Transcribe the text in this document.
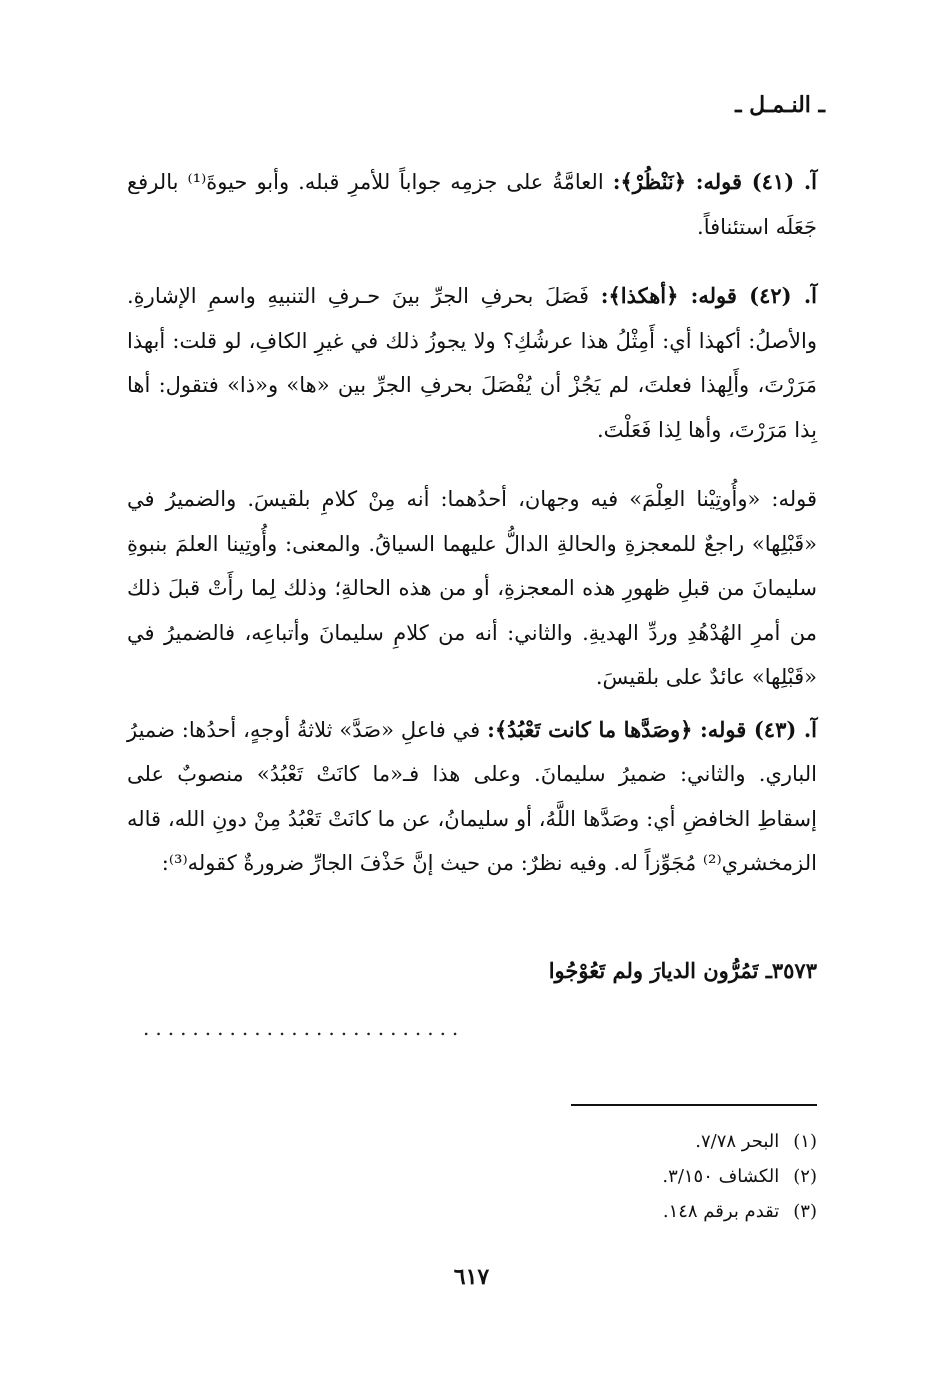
ـ النـمـل ـ

آ. (٤١) قوله: ﴿نَنْظُرْ﴾: العامَّةُ على جزمِه جواباً للأمرِ قبله. وأبو حيوةَ⁽¹⁾ بالرفع جَعَلَه استئنافاً.

آ. (٤٢) قوله: ﴿أهكذا﴾: فَصَلَ بحرفِ الجرِّ بينَ حـرفِ التنبيهِ واسمِ الإشارةِ. والأصلُ: أكهذا أي: أَمِثْلُ هذا عرشُكِ؟ ولا يجوزُ ذلك في غيرِ الكافِ، لو قلت: أبهذا مَرَرْتَ، وأَلِهذا فعلتَ، لم يَجُزْ أن يُفْصَلَ بحرفِ الجرِّ بين «ها» و«ذا» فتقول: أها بِذا مَرَرْتَ، وأها لِذا فَعَلْتَ.

قوله: «وأُوتِيْنا العِلْمَ» فيه وجهان، أحدُهما: أنه مِنْ كلامِ بلقيسَ. والضميرُ في «قَبْلِها» راجعٌ للمعجزةِ والحالةِ الدالُّ عليهما السياقُ. والمعنى: وأُوتِينا العلمَ بنبوةِ سليمانَ من قبلِ ظهورِ هذه المعجزةِ، أو من هذه الحالةِ؛ وذلك لِما رأَتْ قبلَ ذلك من أمرِ الهُدْهُدِ وردِّ الهديةِ. والثاني: أنه من كلامِ سليمانَ وأتباعِه، فالضميرُ في «قَبْلِها» عائدٌ على بلقيسَ.

آ. (٤٣) قوله: ﴿وصَدَّها ما كانت تَعْبُدُ﴾: في فاعلِ «صَدَّ» ثلاثةُ أوجهٍ، أحدُها: ضميرُ الباري. والثاني: ضميرُ سليمانَ. وعلى هذا فـ«ما كانَتْ تَعْبُدُ» منصوبٌ على إسقاطِ الخافضِ أي: وصَدَّها اللَّهُ، أو سليمانُ، عن ما كانَتْ تَعْبُدُ مِنْ دونِ الله، قاله الزمخشري⁽²⁾ مُجَوِّزاً له. وفيه نظرٌ: من حيث إنَّ حَذْفَ الجارِّ ضرورةٌ كقوله⁽³⁾:

٣٥٧٣ـ تَمُرُّون الديارَ ولم تَعُوْجُوا
..........................

(١)البحر ٧/٧٨.

(٢)الكشاف ٣/١٥٠.

(٣)تقدم برقم ١٤٨.

٦١٧
